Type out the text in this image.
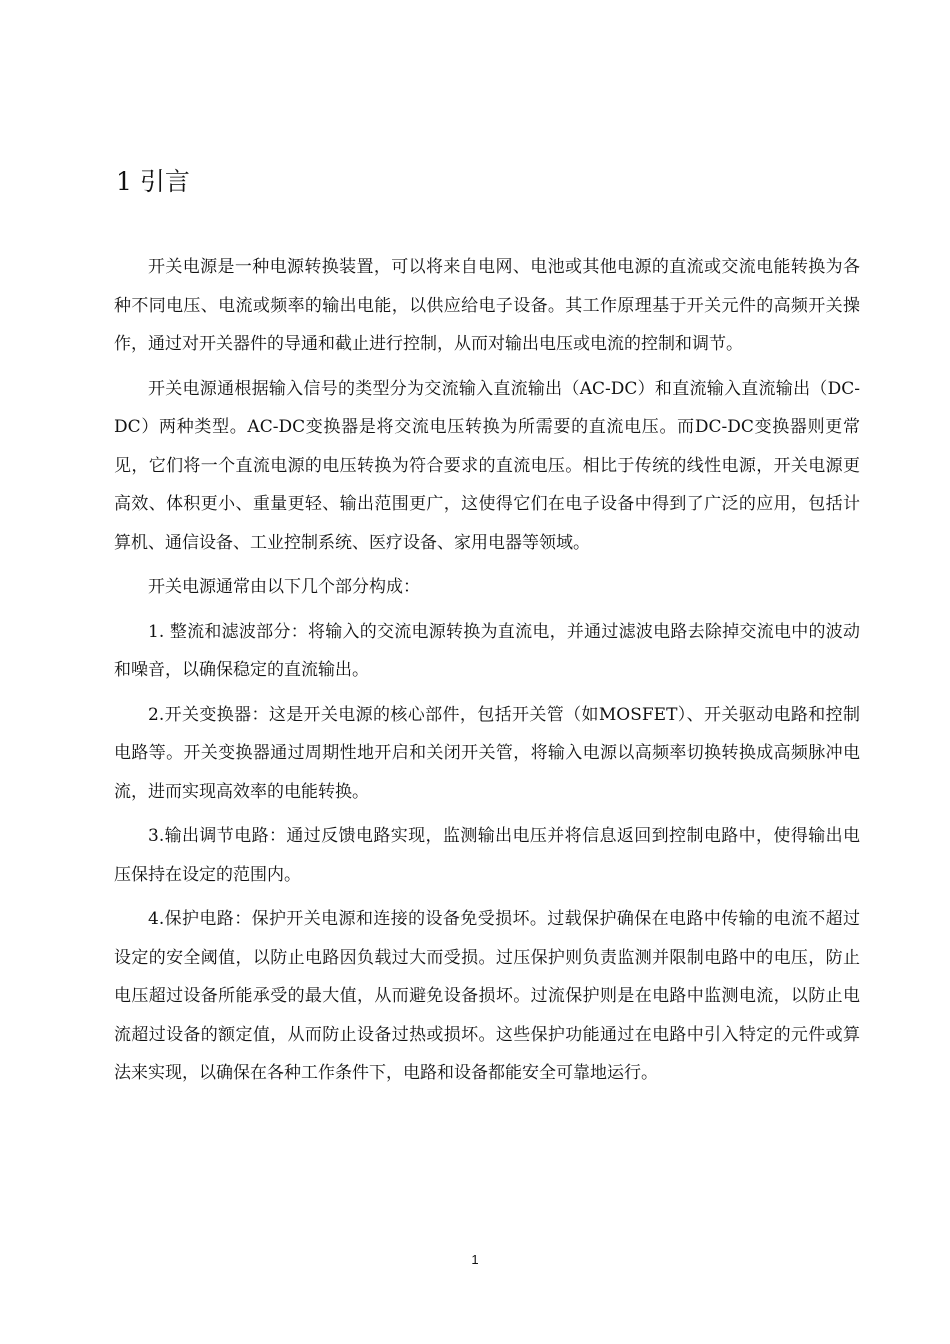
1 引言

开关电源是一种电源转换装置，可以将来自电网、电池或其他电源的直流或交流电能转换为各种不同电压、电流或频率的输出电能，以供应给电子设备。其工作原理基于开关元件的高频开关操作，通过对开关器件的导通和截止进行控制，从而对输出电压或电流的控制和调节。

开关电源通根据输入信号的类型分为交流输入直流输出（AC-DC）和直流输入直流输出（DC-DC）两种类型。AC-DC变换器是将交流电压转换为所需要的直流电压。而DC-DC变换器则更常见，它们将一个直流电源的电压转换为符合要求的直流电压。相比于传统的线性电源，开关电源更高效、体积更小、重量更轻、输出范围更广，这使得它们在电子设备中得到了广泛的应用，包括计算机、通信设备、工业控制系统、医疗设备、家用电器等领域。

开关电源通常由以下几个部分构成：

1. 整流和滤波部分：将输入的交流电源转换为直流电，并通过滤波电路去除掉交流电中的波动和噪音，以确保稳定的直流输出。

2.开关变换器：这是开关电源的核心部件，包括开关管（如MOSFET）、开关驱动电路和控制电路等。开关变换器通过周期性地开启和关闭开关管，将输入电源以高频率切换转换成高频脉冲电流，进而实现高效率的电能转换。

3.输出调节电路：通过反馈电路实现，监测输出电压并将信息返回到控制电路中，使得输出电压保持在设定的范围内。

4.保护电路：保护开关电源和连接的设备免受损坏。过载保护确保在电路中传输的电流不超过设定的安全阈值，以防止电路因负载过大而受损。过压保护则负责监测并限制电路中的电压，防止电压超过设备所能承受的最大值，从而避免设备损坏。过流保护则是在电路中监测电流，以防止电流超过设备的额定值，从而防止设备过热或损坏。这些保护功能通过在电路中引入特定的元件或算法来实现，以确保在各种工作条件下，电路和设备都能安全可靠地运行。

1
